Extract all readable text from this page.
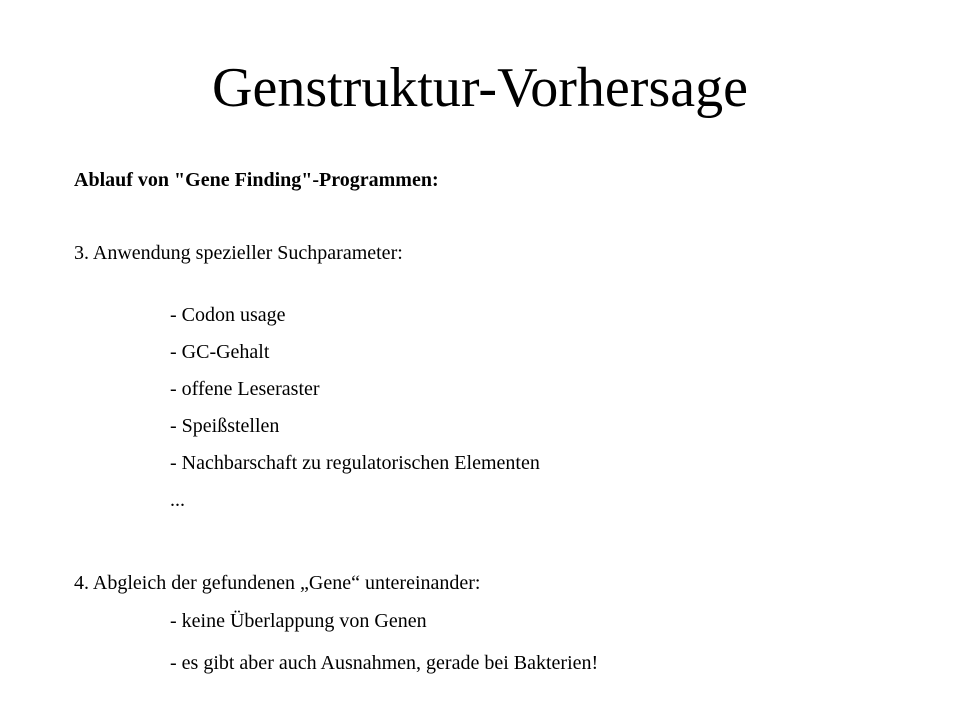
Genstruktur-Vorhersage
Ablauf von "Gene Finding"-Programmen:
3. Anwendung spezieller Suchparameter:
- Codon usage
- GC-Gehalt
- offene Leseraster
- Speißstellen
- Nachbarschaft zu regulatorischen Elementen
...
4. Abgleich der gefundenen „Gene“ untereinander:
- keine Überlappung von Genen
- es gibt aber auch Ausnahmen, gerade bei Bakterien!
